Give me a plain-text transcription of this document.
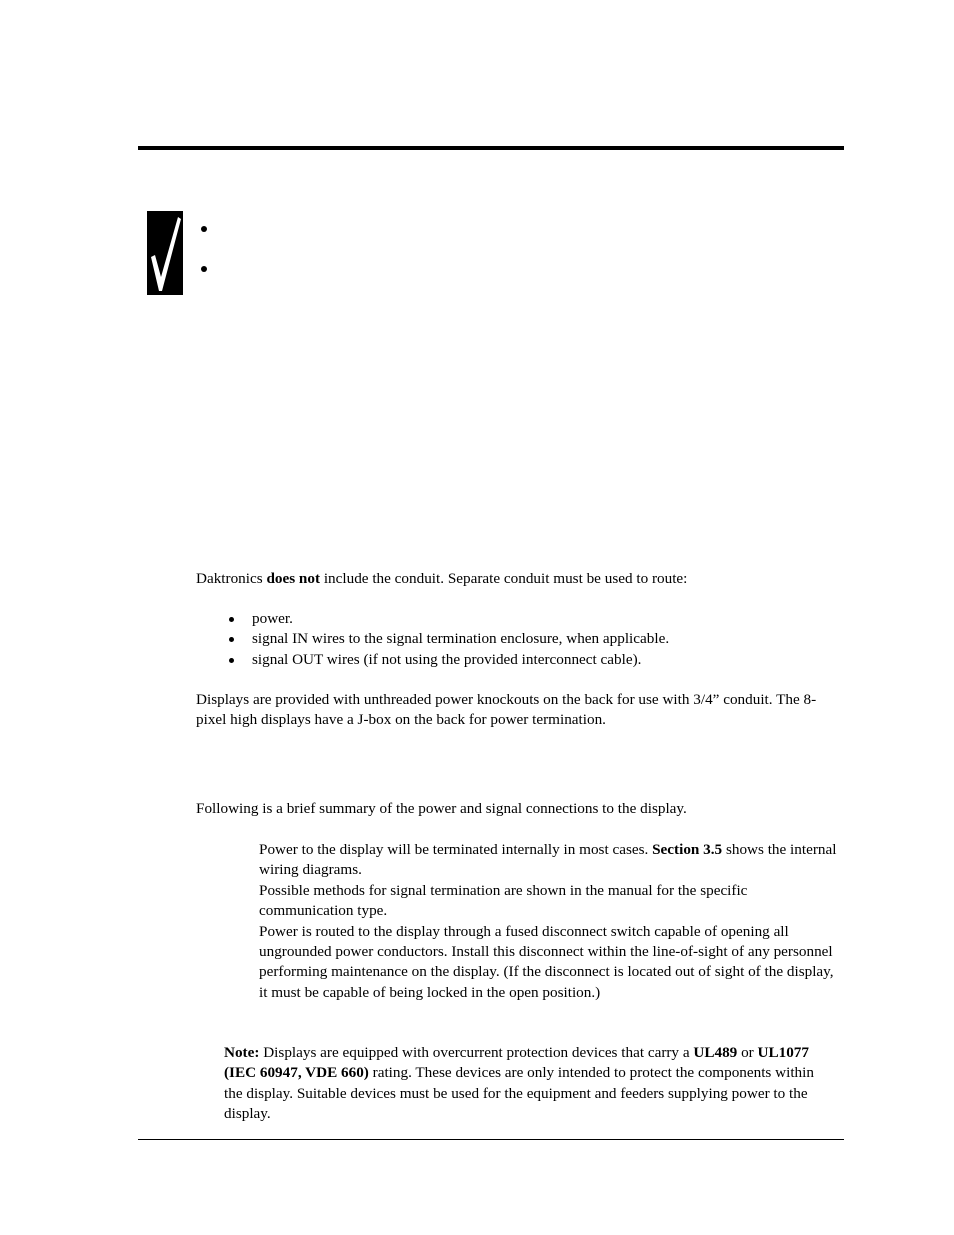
Daktronics does not include the conduit. Separate conduit must be used to route:

power.
signal IN wires to the signal termination enclosure, when applicable.
signal OUT wires (if not using the provided interconnect cable).

Displays are provided with unthreaded power knockouts on the back for use with 3/4” conduit. The 8-pixel high displays have a J-box on the back for power termination.

Following is a brief summary of the power and signal connections to the display.

Power to the display will be terminated internally in most cases. Section 3.5 shows the internal wiring diagrams.

Possible methods for signal termination are shown in the manual for the specific communication type.

Power is routed to the display through a fused disconnect switch capable of opening all ungrounded power conductors. Install this disconnect within the line-of-sight of any personnel performing maintenance on the display. (If the disconnect is located out of sight of the display, it must be capable of being locked in the open position.)

Note: Displays are equipped with overcurrent protection devices that carry a UL489 or UL1077 (IEC 60947, VDE 660) rating. These devices are only intended to protect the components within the display. Suitable devices must be used for the equipment and feeders supplying power to the display.
